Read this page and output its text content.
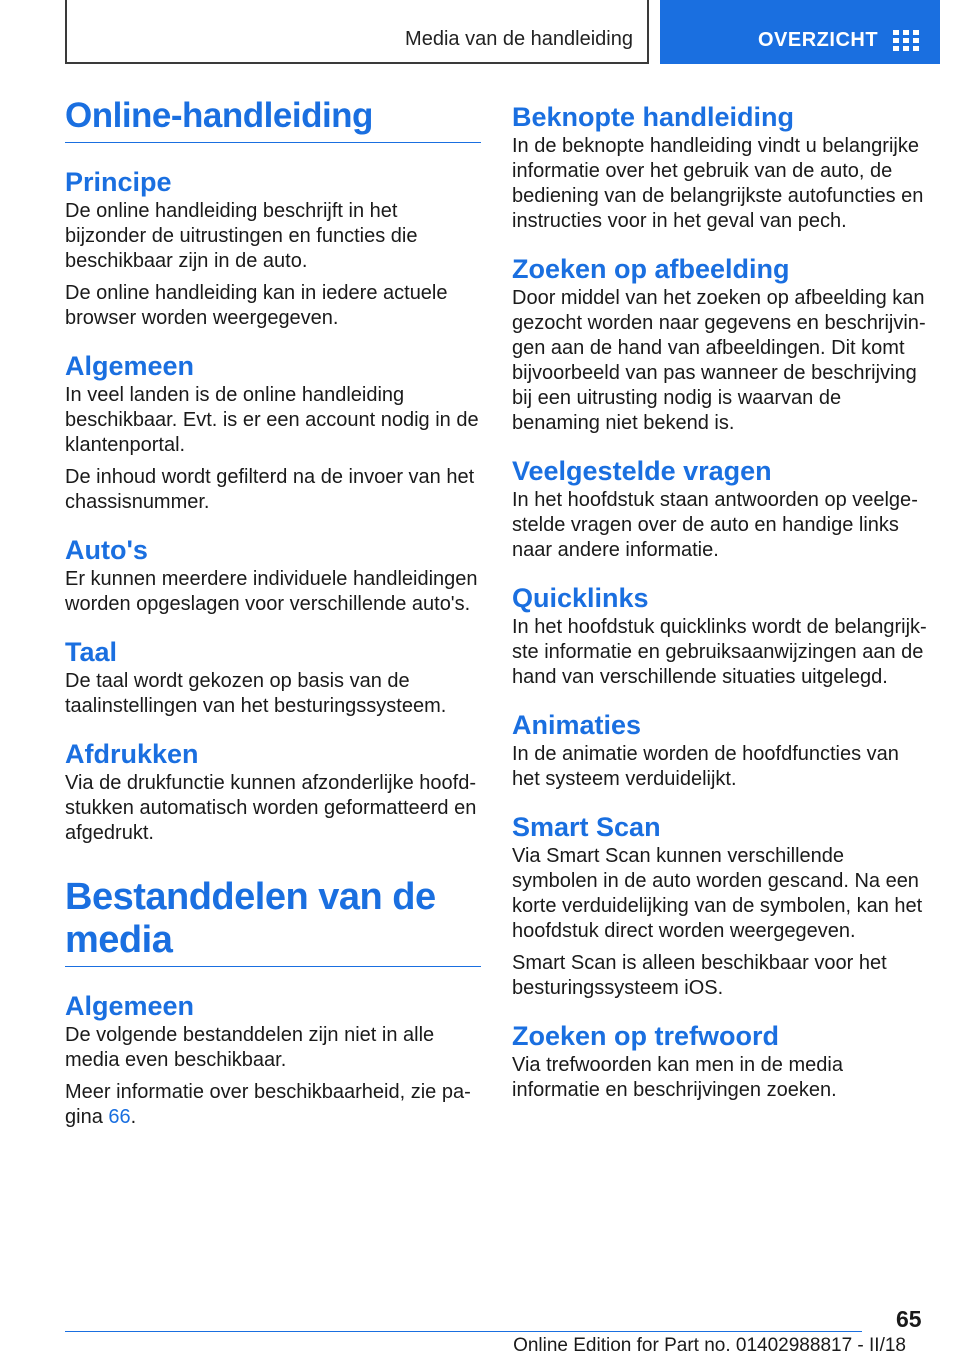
Media van de handleiding	OVERZICHT
Online-handleiding
Principe

De online handleiding beschrijft in het bijzonder de uitrustingen en functies die beschikbaar zijn in de auto.

De online handleiding kan in iedere actuele browser worden weergegeven.

Algemeen

In veel landen is de online handleiding beschikbaar. Evt. is er een account nodig in de klantenportal.

De inhoud wordt gefilterd na de invoer van het chassisnummer.

Auto's

Er kunnen meerdere individuele handleidingen worden opgeslagen voor verschillende auto's.

Taal

De taal wordt gekozen op basis van de taalinstellingen van het besturingssysteem.

Afdrukken

Via de drukfunctie kunnen afzonderlijke hoofdstukken automatisch worden geformatteerd en afgedrukt.

Bestanddelen van de media
Algemeen

De volgende bestanddelen zijn niet in alle media even beschikbaar.

Meer informatie over beschikbaarheid, zie pagina 66.

Beknopte handleiding

In de beknopte handleiding vindt u belangrijke informatie over het gebruik van de auto, de bediening van de belangrijkste autofuncties en instructies voor in het geval van pech.

Zoeken op afbeelding

Door middel van het zoeken op afbeelding kan gezocht worden naar gegevens en beschrijvingen aan de hand van afbeeldingen. Dit komt bijvoorbeeld van pas wanneer de beschrijving bij een uitrusting nodig is waarvan de benaming niet bekend is.

Veelgestelde vragen

In het hoofdstuk staan antwoorden op veelgestelde vragen over de auto en handige links naar andere informatie.

Quicklinks

In het hoofdstuk quicklinks wordt de belangrijkste informatie en gebruiksaanwijzingen aan de hand van verschillende situaties uitgelegd.

Animaties

In de animatie worden de hoofdfuncties van het systeem verduidelijkt.

Smart Scan

Via Smart Scan kunnen verschillende symbolen in de auto worden gescand. Na een korte verduidelijking van de symbolen, kan het hoofdstuk direct worden weergegeven.

Smart Scan is alleen beschikbaar voor het besturingssysteem iOS.

Zoeken op trefwoord

Via trefwoorden kan men in de media informatie en beschrijvingen zoeken.

65
Online Edition for Part no. 01402988817 - II/18
